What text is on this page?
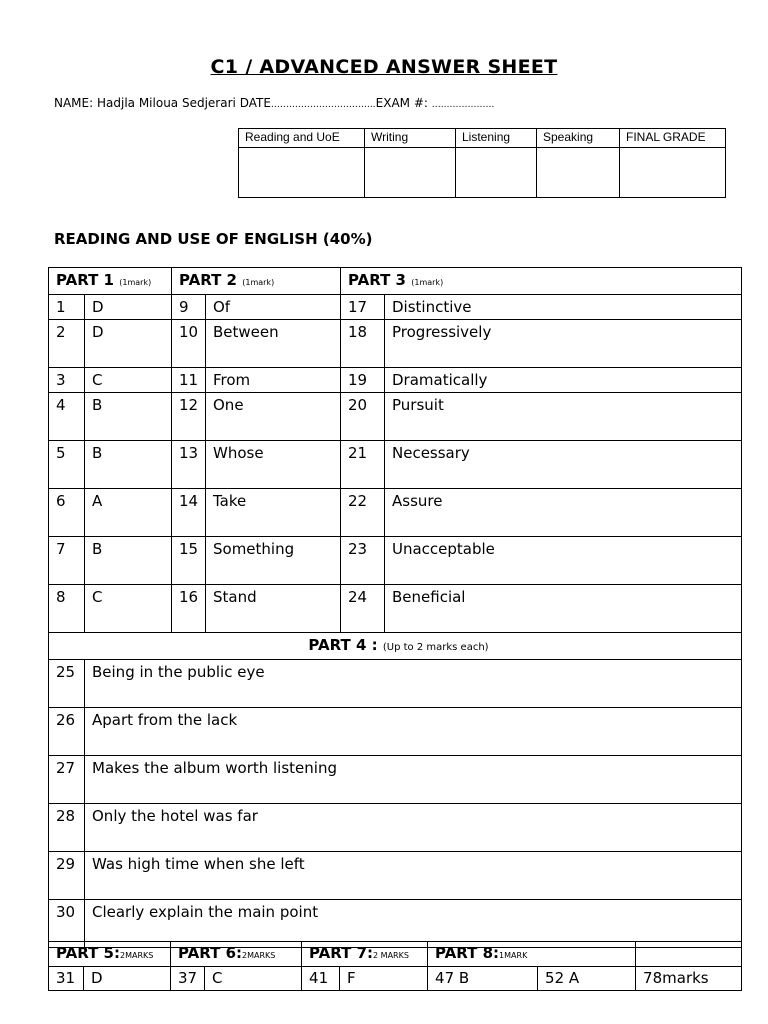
C1 / ADVANCED ANSWER SHEET
NAME: Hadjla Miloua Sedjerari DATE……………………………..EXAM #: …..…………….
Reading and UoE	Writing	Listening	Speaking	FINAL GRADE

READING AND USE OF ENGLISH (40%)
PART 1 (1mark)		PART 2 (1mark)		PART 3 (1mark)	
1	D	9	Of	17	Distinctive
2	D	10	Between	18	Progressively
3	C	11	From	19	Dramatically
4	B	12	One	20	Pursuit
5	B	13	Whose	21	Necessary
6	A	14	Take	22	Assure
7	B	15	Something	23	Unacceptable
8	C	16	Stand	24	Beneficial
PART 4 : (Up to 2 marks each)					
25	Being in the public eye				
26	Apart from the lack				
27	Makes the album worth listening				
28	Only the hotel was far				
29	Was high time when she left				
30	Clearly explain the main point				
PART 5:2MARKS		PART 6:2MARKS		PART 7:2 MARKS		PART 8:1MARK		
31	D	37	C	41	F	47 B	52 A	78marks
